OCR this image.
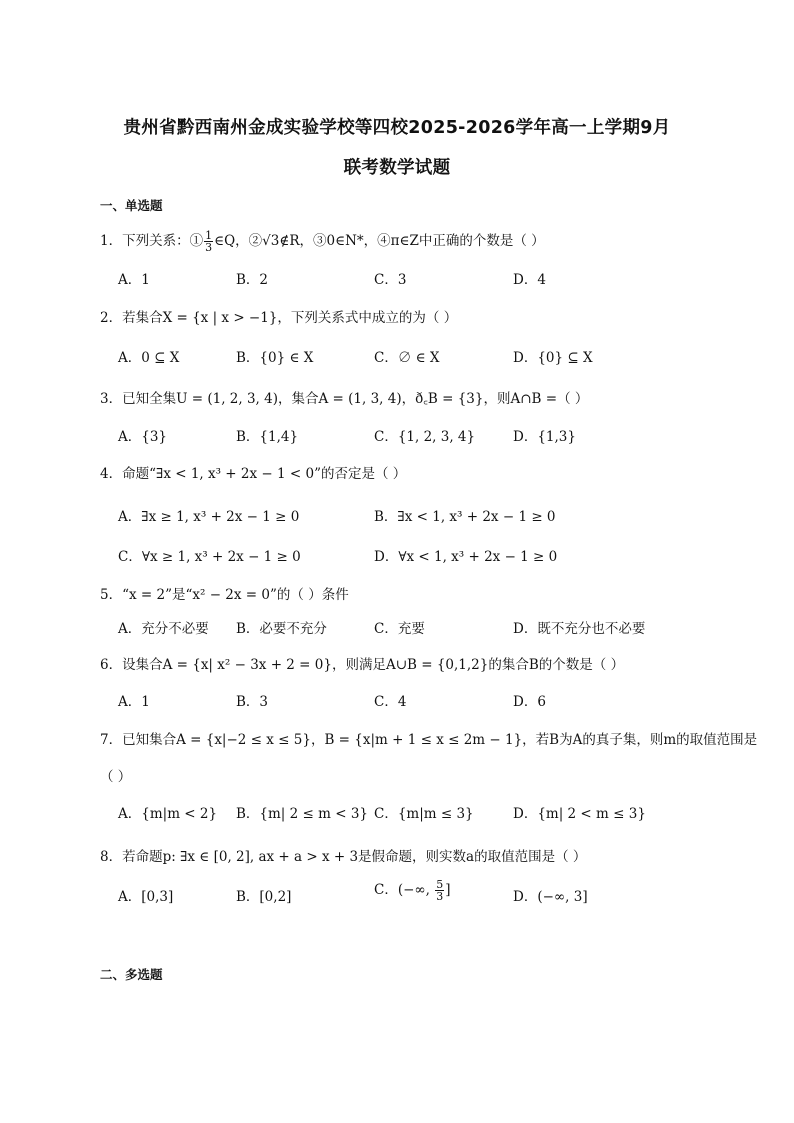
贵州省黔西南州金成实验学校等四校2025-2026学年高一上学期9月
联考数学试题
一、单选题
1．下列关系：① $\frac{1}{3}$ ∈Q，②√3∉R，③0∈N*，④π∈Z中正确的个数是（ ）
A．1	B．2	C．3	D．4
2．若集合X = {x | x > −1}，下列关系式中成立的为（ ）
A．0 ⊆ X	B．{0} ∈ X	C．∅ ∈ X	D．{0} ⊆ X
3．已知全集U = (1, 2, 3, 4)，集合A = (1, 3, 4)，ð꜀B = {3}，则A∩B =（ ）
A．{3}	B．{1,4}	C．{1, 2, 3, 4}	D．{1,3}
4．命题“∃x < 1, x³ + 2x − 1 < 0”的否定是（ ）
A．∃x ≥ 1, x³ + 2x − 1 ≥ 0	B．∃x < 1, x³ + 2x − 1 ≥ 0
C．∀x ≥ 1, x³ + 2x − 1 ≥ 0	D．∀x < 1, x³ + 2x − 1 ≥ 0
5．“x = 2”是“x² − 2x = 0”的（ ）条件
A．充分不必要 B．必要不充分	C．充要	D．既不充分也不必要
6．设集合A = {x| x² − 3x + 2 = 0}，则满足A∪B = {0,1,2}的集合B的个数是（ ）
A．1	B．3	C．4	D．6
7．已知集合A = {x|−2 ≤ x ≤ 5}，B = {x|m + 1 ≤ x ≤ 2m − 1}，若B为A的真子集，则m的取值范围是
（ ）
A．{m|m < 2} B．{m| 2 ≤ m < 3} C．{m|m ≤ 3}	D．{m| 2 < m ≤ 3}
8．若命题p: ∃x ∈ [0, 2], ax + a > x + 3是假命题，则实数a的取值范围是（ ）
A．[0,3]	B．[0,2]	C．(−∞, $\frac{5}{3}$ ]	D．(−∞, 3]
二、多选题
